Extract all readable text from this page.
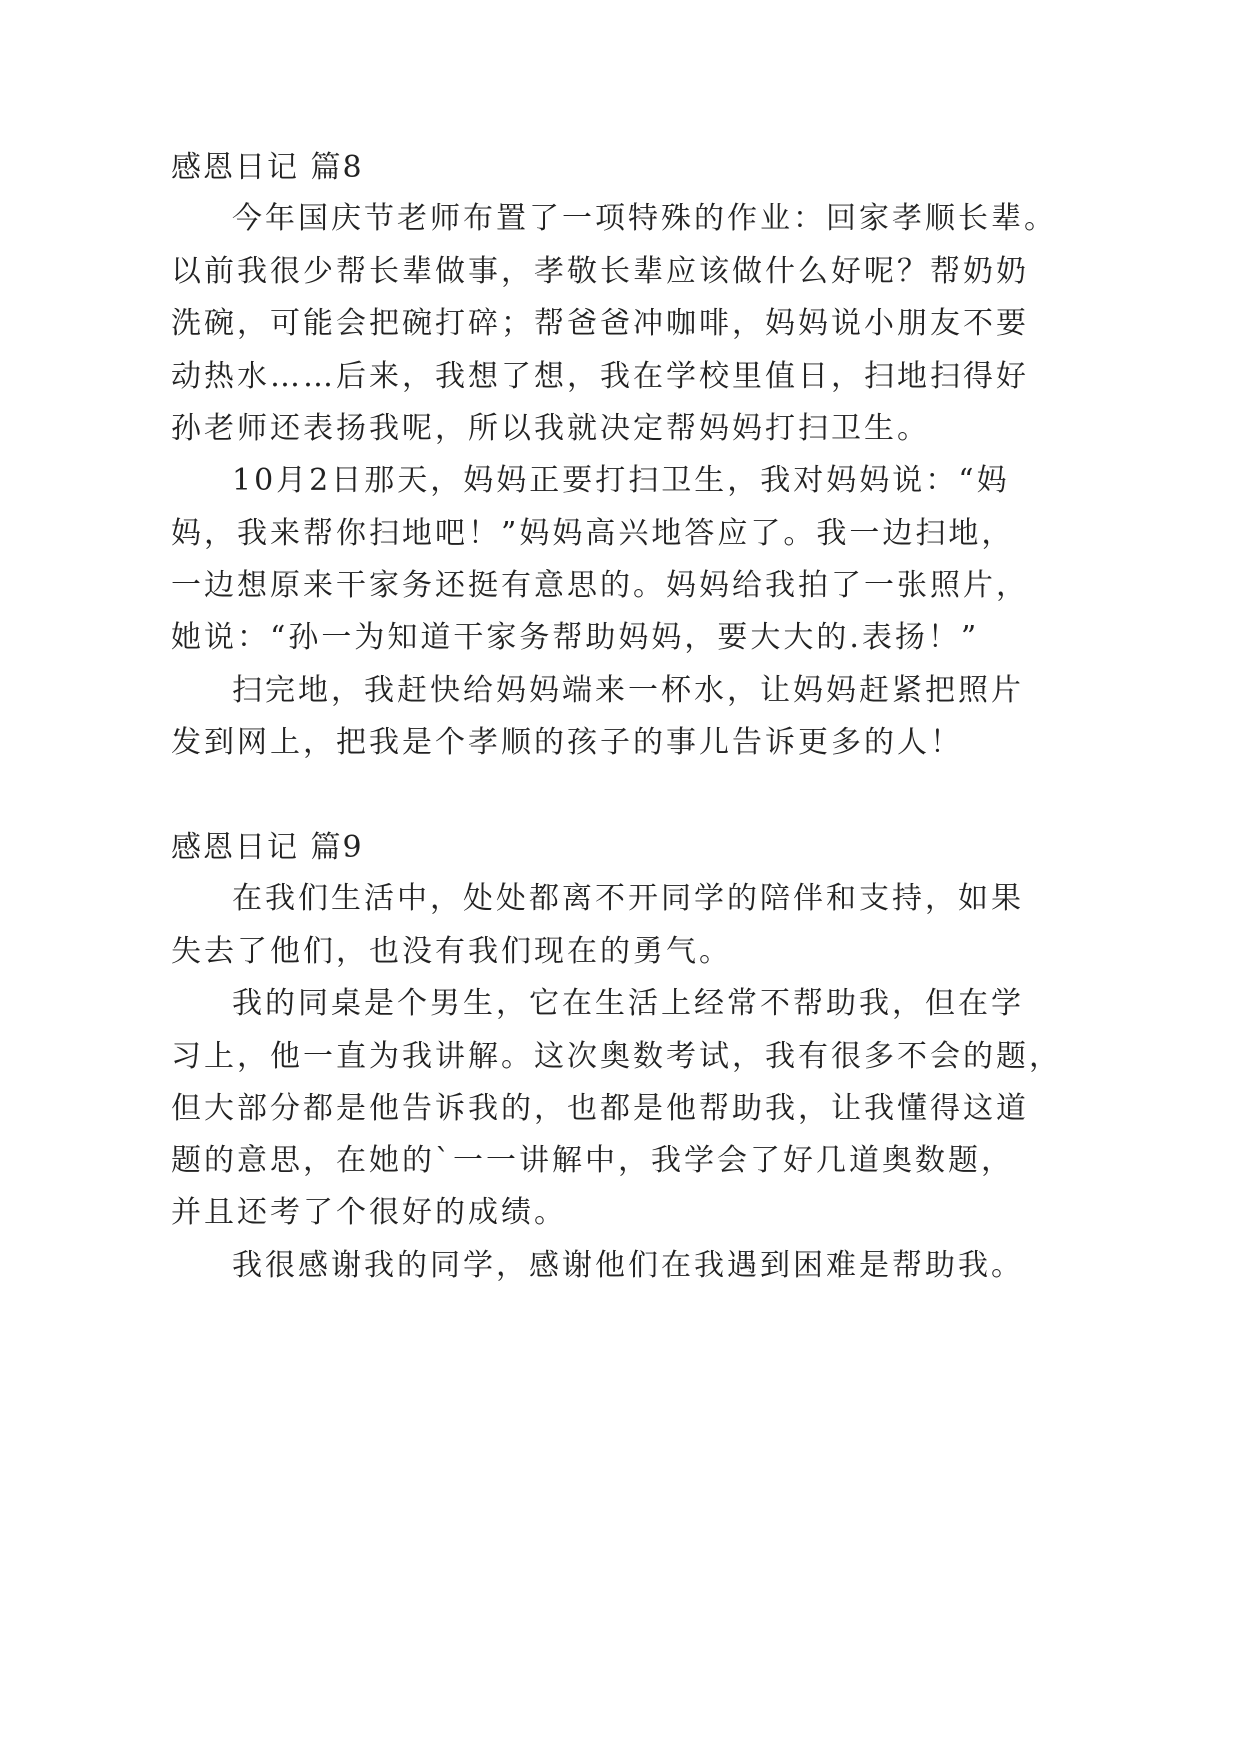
感恩日记 篇8
今年国庆节老师布置了一项特殊的作业：回家孝顺长辈。
以前我很少帮长辈做事，孝敬长辈应该做什么好呢？帮奶奶
洗碗，可能会把碗打碎；帮爸爸冲咖啡，妈妈说小朋友不要
动热水……后来，我想了想，我在学校里值日，扫地扫得好
孙老师还表扬我呢，所以我就决定帮妈妈打扫卫生。
10月2日那天，妈妈正要打扫卫生，我对妈妈说：“妈
妈，我来帮你扫地吧！”妈妈高兴地答应了。我一边扫地，
一边想原来干家务还挺有意思的。妈妈给我拍了一张照片，
她说：“孙一为知道干家务帮助妈妈，要大大的.表扬！”
扫完地，我赶快给妈妈端来一杯水，让妈妈赶紧把照片
发到网上，把我是个孝顺的孩子的事儿告诉更多的人！
感恩日记 篇9
在我们生活中，处处都离不开同学的陪伴和支持，如果
失去了他们，也没有我们现在的勇气。
我的同桌是个男生，它在生活上经常不帮助我，但在学
习上，他一直为我讲解。这次奥数考试，我有很多不会的题，
但大部分都是他告诉我的，也都是他帮助我，让我懂得这道
题的意思，在她的`一一讲解中，我学会了好几道奥数题，
并且还考了个很好的成绩。
我很感谢我的同学，感谢他们在我遇到困难是帮助我。
